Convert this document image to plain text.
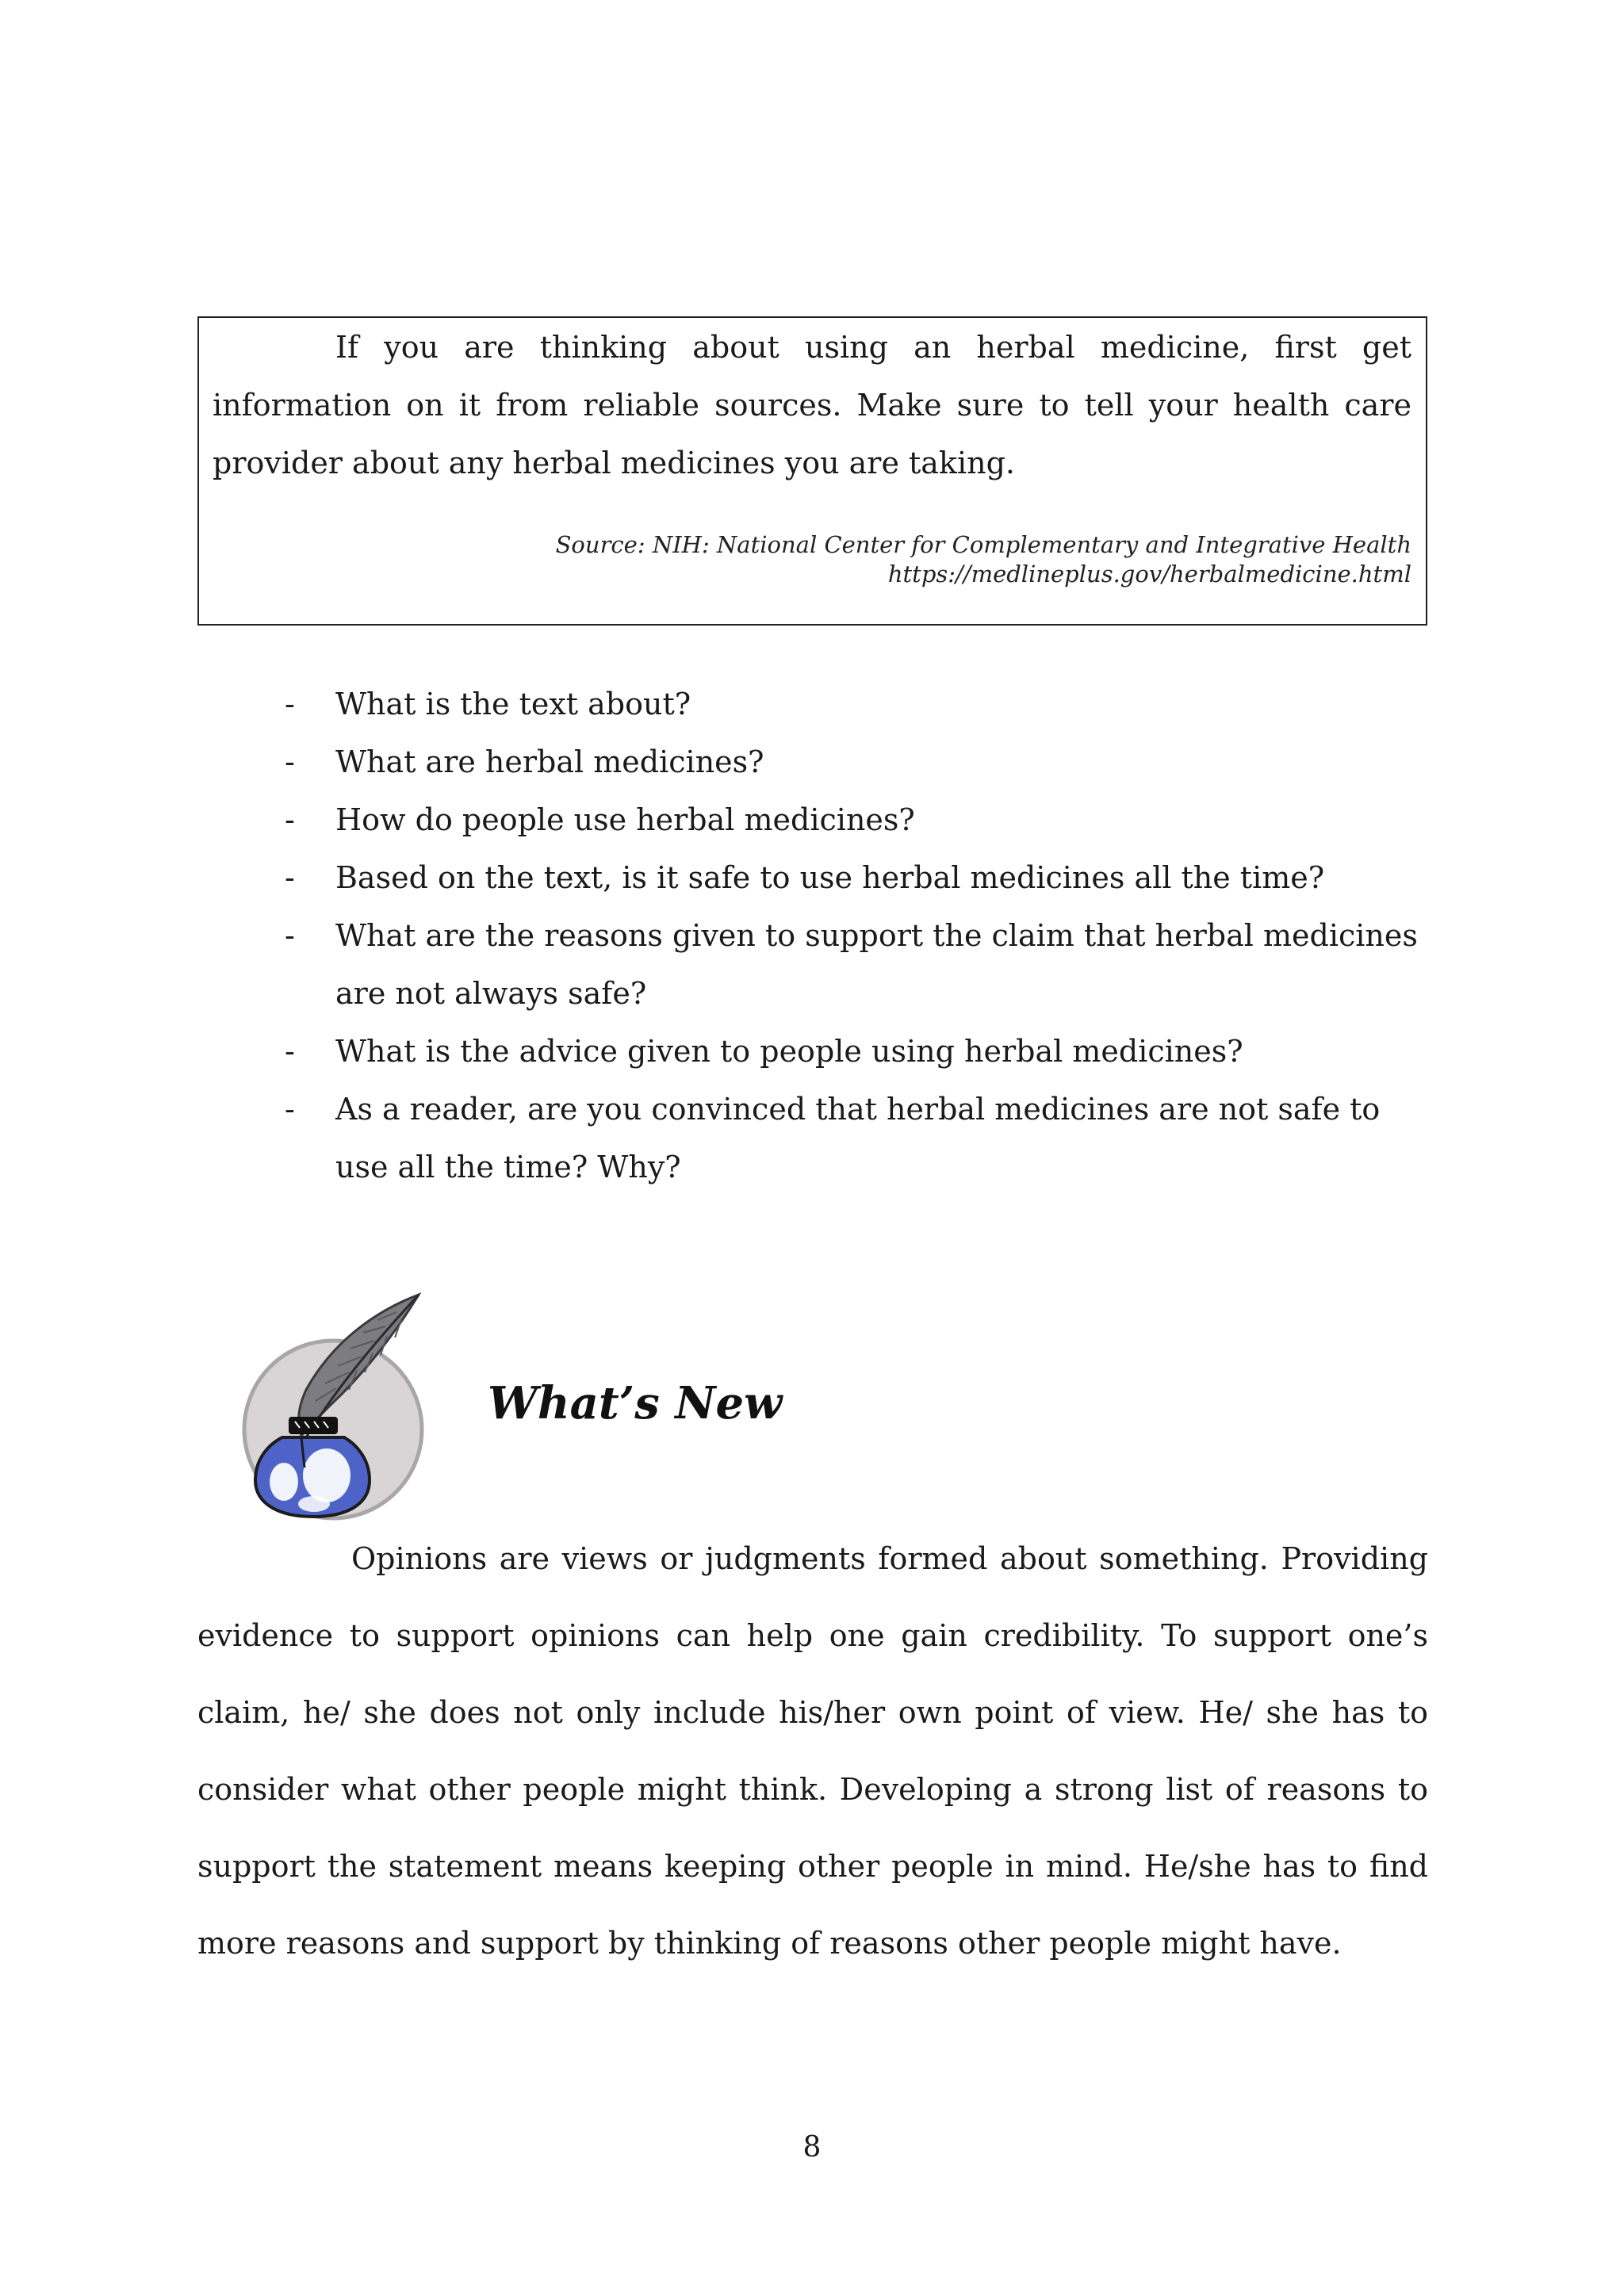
If you are thinking about using an herbal medicine, first get information on it from reliable sources. Make sure to tell your health care provider about any herbal medicines you are taking.

Source: NIH: National Center for Complementary and Integrative Health
https://medlineplus.gov/herbalmedicine.html
- What is the text about?
- What are herbal medicines?
- How do people use herbal medicines?
- Based on the text, is it safe to use herbal medicines all the time?
- What are the reasons given to support the claim that herbal medicines are not always safe?
- What is the advice given to people using herbal medicines?
- As a reader, are you convinced that herbal medicines are not safe to use all the time? Why?
What’s New

Opinions are views or judgments formed about something. Providing evidence to support opinions can help one gain credibility. To support one’s claim, he/ she does not only include his/her own point of view. He/ she has to consider what other people might think. Developing a strong list of reasons to support the statement means keeping other people in mind. He/she has to find more reasons and support by thinking of reasons other people might have.

8
